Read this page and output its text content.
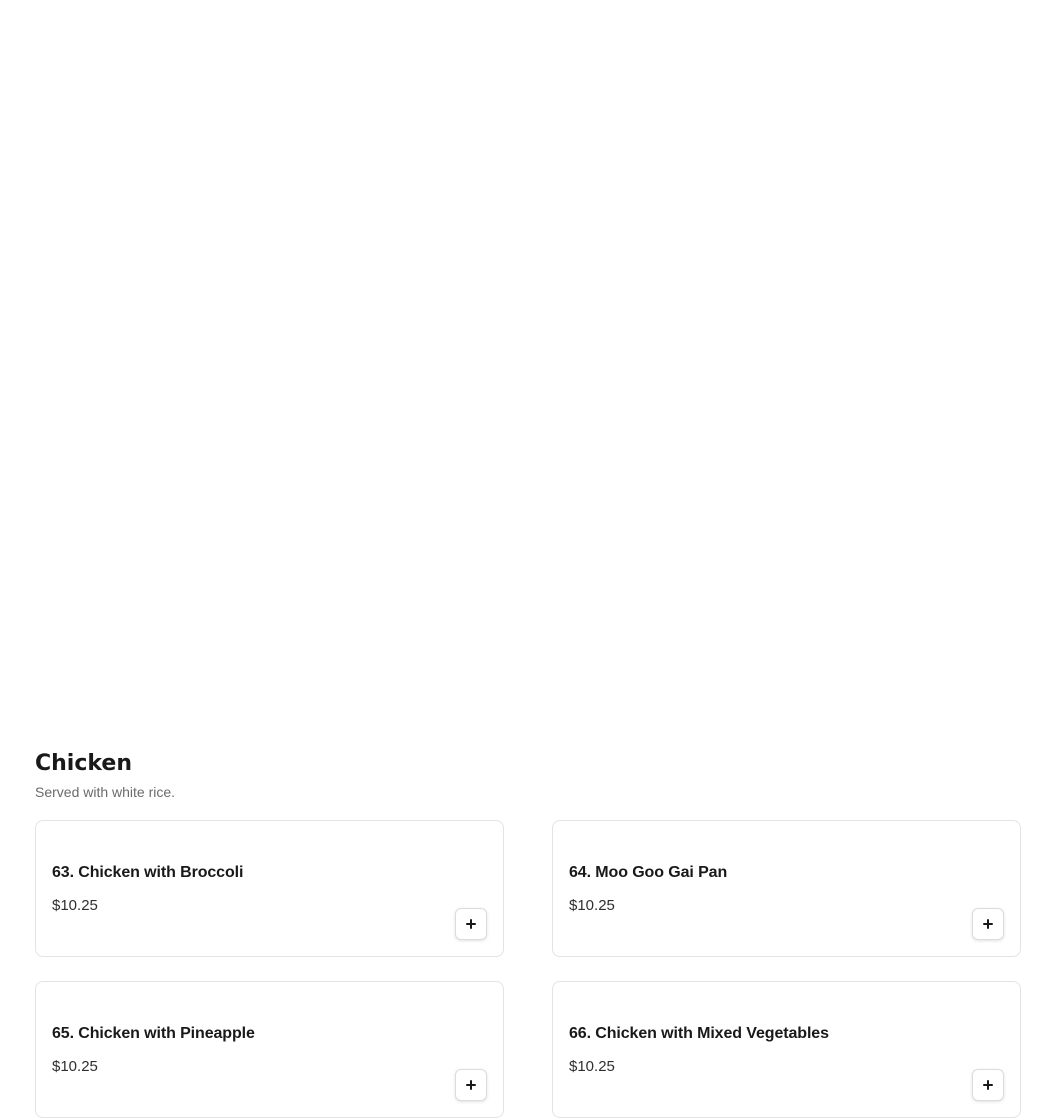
Chicken
Served with white rice.
63. Chicken with Broccoli
$10.25
64. Moo Goo Gai Pan
$10.25
65. Chicken with Pineapple
$10.25
66. Chicken with Mixed Vegetables
$10.25
